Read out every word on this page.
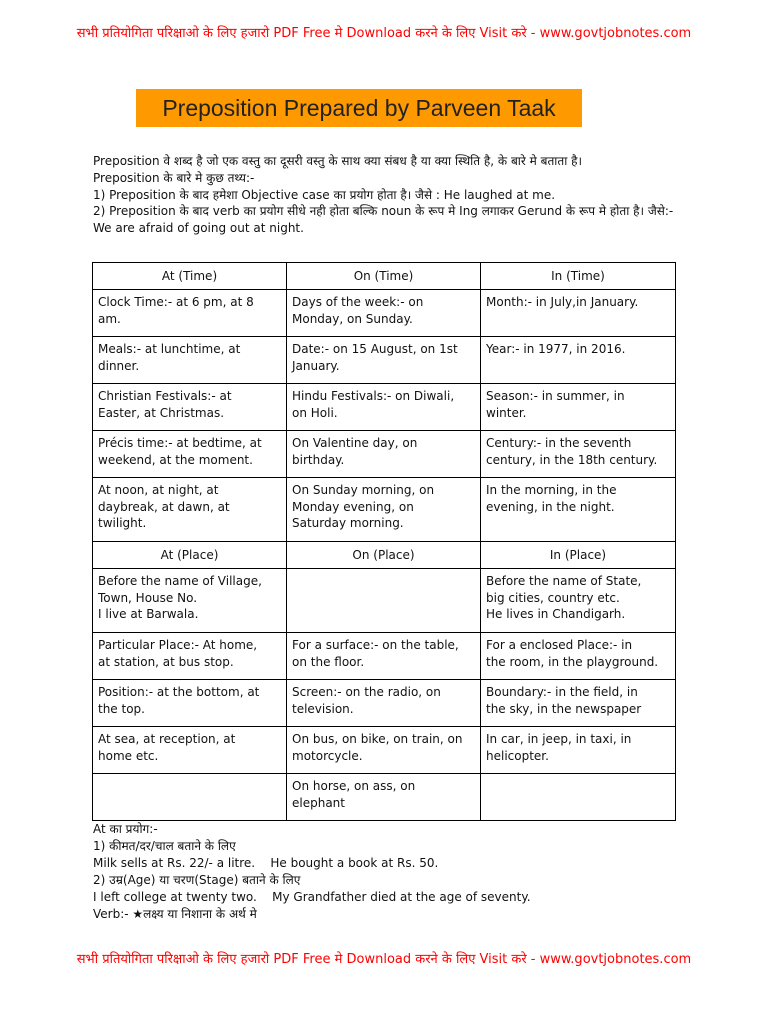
सभी प्रतियोगिता परिक्षाओ के लिए हजारो PDF Free मे Download करने के लिए Visit करे - www.govtjobnotes.com
Preposition Prepared by Parveen Taak

Preposition वे शब्द है जो एक वस्तु का दूसरी वस्तु के साथ क्या संबध है या क्या स्थिति है, के बारे मे बताता है।

Preposition के बारे मे कुछ तथ्य:-

1) Preposition के बाद हमेशा Objective case का प्रयोग होता है। जैसे : He laughed at me.

2) Preposition के बाद verb का प्रयोग सीधे नही होता बल्कि noun के रूप मे Ing लगाकर Gerund के रूप मे होता है। जैसे:- We are afraid of going out at night.

At (Time)	On (Time)	In (Time)

Clock Time:- at 6 pm, at 8
am.	Days of the week:- on
Monday, on Sunday.	Month:- in July,in January.

Meals:- at lunchtime, at
dinner.	Date:- on 15 August, on 1st
January.	Year:- in 1977, in 2016.

Christian Festivals:- at
Easter, at Christmas.	Hindu Festivals:- on Diwali,
on Holi.	Season:- in summer, in
winter.

Précis time:- at bedtime, at
weekend, at the moment.	On Valentine day, on
birthday.	Century:- in the seventh
century, in the 18th century.

At noon, at night, at
daybreak, at dawn, at
twilight.	On Sunday morning, on
Monday evening, on
Saturday morning.	In the morning, in the
evening, in the night.

At (Place)	On (Place)	In (Place)

Before the name of Village,
Town, House No.
I live at Barwala.		Before the name of State,
big cities, country etc.
He lives in Chandigarh.

Particular Place:- At home,
at station, at bus stop.	For a surface:- on the table,
on the floor.	For a enclosed Place:- in
the room, in the playground.

Position:- at the bottom, at
the top.	Screen:- on the radio, on
television.	Boundary:- in the field, in
the sky, in the newspaper

At sea, at reception, at
home etc.	On bus, on bike, on train, on
motorcycle.	In car, in jeep, in taxi, in
helicopter.

	On horse, on ass, on
elephant	

At का प्रयोग:-

1) कीमत/दर/चाल बताने के लिए

Milk sells at Rs. 22/- a litre.    He bought a book at Rs. 50.

2) उम्र(Age) या चरण(Stage) बताने के लिए

I left college at twenty two.    My Grandfather died at the age of seventy.

Verb:- ★लक्ष्य या निशाना के अर्थ मे

सभी प्रतियोगिता परिक्षाओ के लिए हजारो PDF Free मे Download करने के लिए Visit करे - www.govtjobnotes.com
